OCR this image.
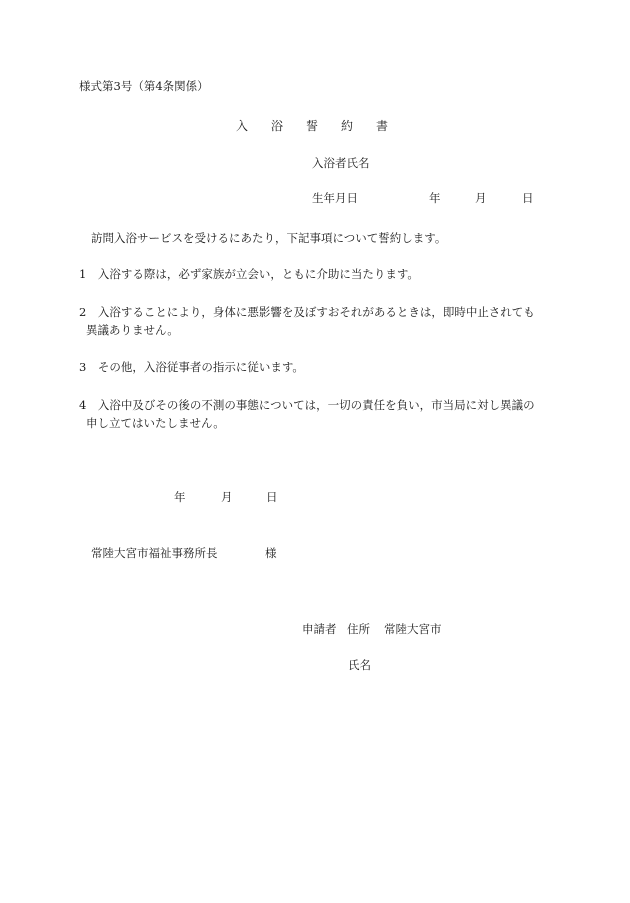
様式第3号（第4条関係）
入浴誓約書
入浴者氏名
生年月日	年	月	日
訪問入浴サービスを受けるにあたり，下記事項について誓約します。
1　入浴する際は，必ず家族が立会い，ともに介助に当たります。
2　入浴することにより，身体に悪影響を及ぼすおそれがあるときは，即時中止されても
異議ありません。
3　その他，入浴従事者の指示に従います。
4　入浴中及びその後の不測の事態については，一切の責任を負い，市当局に対し異議の
申し立てはいたしません。
年	月	日
常陸大宮市福祉事務所長	様
申請者 住所 常陸大宮市
氏名
